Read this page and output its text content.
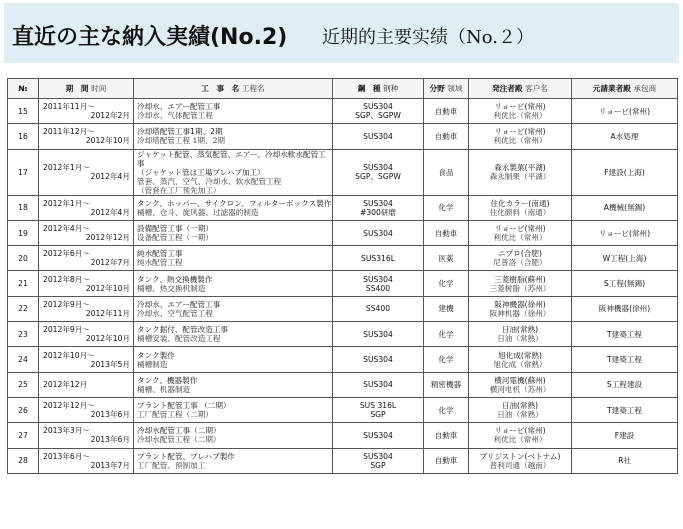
直近の主な納入実績(No.2) 近期的主要实绩（No.２）
№	期　間 时间	工　事　名 工程名	鋼　種 钢种	分野 领域	発注者殿 客户名	元請業者殿 承包商
15	2011年11月～
2012年2月	冷却水、エアー配管工事
冷却水、气体配管工程	SUS304
SGP、SGPW	自動車	リョービ(常州)
利优比（常州）	リョービ(常州)
16	2011年12月～
2012年10月	冷却塔配管工事1期、2期
冷却塔配管工程 1期、2期	SUS304	自動車	リョービ(常州)
利优比（常州）	A水処理
17	2012年1月～
2012年4月	ジャケット配管、蒸気配管、エアー、冷却水軟水配管工事
（ジャケット管は工場プレハブ加工）
管套、蒸汽、空气、冷却水、软水配管工程
（管套在工厂预先加工）	SUS304
SGP、SGPW	食品	森永製菓(平湖)
森永制果（平湖）	F建設(上海)
18	2012年1月～
2012年4月	タンク、ホッパー、サイクロン、フィルターボックス製作
桶槽、仓斗、旋风器、过滤器的制造	SUS304
#300研磨	化学	住化カラー(南通)
住化颜料（南通）	A機械(無錫)
19	2012年4月～
2012年12月	設備配管工事（一期）
设备配管工程（一期）	SUS304	自動車	リョービ(常州)
利优比（常州）	リョービ(常州)
20	2012年6月～
2012年7月	純水配管工事
纯水配管工程	SUS316L	医薬	ニプロ(合肥)
尼普洛（合肥）	W工程(上海)
21	2012年8月～
2012年10月	タンク、熱交換機製作
桶槽、热交换机制造	SUS304
SS400	化学	三菱樹脂(蘇州)
三菱树脂（苏州）	S工程(無錫)
22	2012年9月～
2012年11月	冷却水、エアー配管工事
冷却水、空气配管工程	SS400	建機	阪神機器(徐州)
阪神机器（徐州）	阪神機器(徐州)
23	2012年9月～
2012年10月	タンク据付、配管改造工事
桶槽安装、配管改造工程	SUS304	化学	日油(常熟)
日油（常熟）	T建築工程
24	2012年10月～
2013年5月	タンク製作
桶槽制造	SUS304	化学	旭化成(常熟)
旭化成（常熟）	T建築工程
25	2012年12月	タンク、機器製作
桶槽、机器制造	SUS304	精密機器	横河電機(蘇州)
横河电机（苏州）	S工程建設
26	2012年12月～
2013年6月	プラント配管工事 （二期）
工厂配管工程（二期）	SUS 316L
SGP	化学	日油(常熟)
日油（常熟）	T建築工程
27	2013年3月～
2013年6月	冷却水配管工事（二期）
冷却水配管工程（二期）	SUS304	自動車	リョービ(常州)
利优比（常州）	F建設
28	2013年6月～
2013年7月	プラント配管、プレハブ製作
工厂配管、预制加工	SUS304
SGP	自動車	ブリジストン(ベトナム)
普利司通（越南）	R社
